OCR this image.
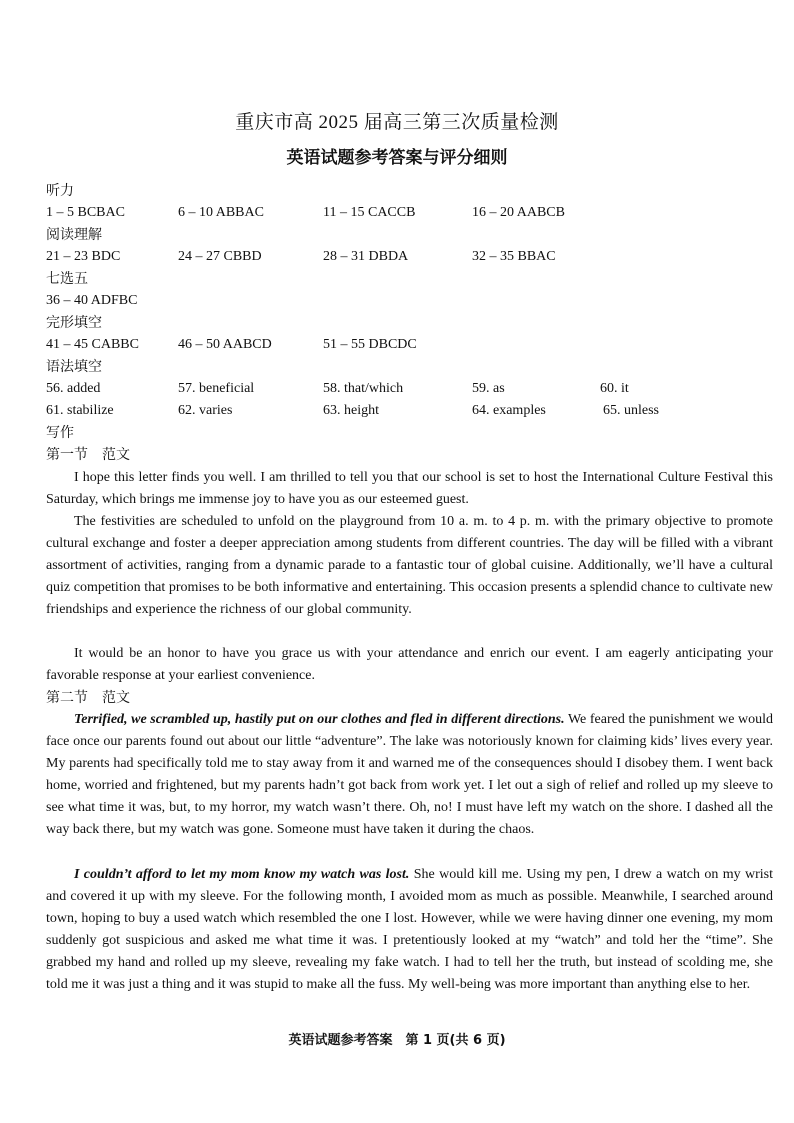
重庆市高 2025 届高三第三次质量检测
英语试题参考答案与评分细则
听力
1 – 5 BCBAC	6 – 10 ABBAC	11 – 15 CACCB	16 – 20 AABCB
阅读理解
21 – 23 BDC	24 – 27 CBBD	28 – 31 DBDA	32 – 35 BBAC
七选五
36 – 40 ADFBC
完形填空
41 – 45 CABBC	46 – 50 AABCD	51 – 55 DBCDC
语法填空
56. added	57. beneficial	58. that/which	59. as	60. it
61. stabilize	62. varies	63. height	64. examples	65. unless
写作
第一节　范文
I hope this letter finds you well. I am thrilled to tell you that our school is set to host the International Culture Festival this Saturday, which brings me immense joy to have you as our esteemed guest.
The festivities are scheduled to unfold on the playground from 10 a. m. to 4 p. m. with the primary objective to promote cultural exchange and foster a deeper appreciation among students from different countries. The day will be filled with a vibrant assortment of activities, ranging from a dynamic parade to a fantastic tour of global cuisine. Additionally, we’ll have a cultural quiz competition that promises to be both informative and entertaining. This occasion presents a splendid chance to cultivate new friendships and experience the richness of our global community.
It would be an honor to have you grace us with your attendance and enrich our event. I am eagerly anticipating your favorable response at your earliest convenience.
第二节　范文
Terrified, we scrambled up, hastily put on our clothes and fled in different directions. We feared the punishment we would face once our parents found out about our little “adventure”. The lake was notoriously known for claiming kids’ lives every year. My parents had specifically told me to stay away from it and warned me of the consequences should I disobey them. I went back home, worried and frightened, but my parents hadn’t got back from work yet. I let out a sigh of relief and rolled up my sleeve to see what time it was, but, to my horror, my watch wasn’t there. Oh, no! I must have left my watch on the shore. I dashed all the way back there, but my watch was gone. Someone must have taken it during the chaos.
I couldn’t afford to let my mom know my watch was lost. She would kill me. Using my pen, I drew a watch on my wrist and covered it up with my sleeve. For the following month, I avoided mom as much as possible. Meanwhile, I searched around town, hoping to buy a used watch which resembled the one I lost. However, while we were having dinner one evening, my mom suddenly got suspicious and asked me what time it was. I pretentiously looked at my “watch” and told her the “time”. She grabbed my hand and rolled up my sleeve, revealing my fake watch. I had to tell her the truth, but instead of scolding me, she told me it was just a thing and it was stupid to make all the fuss. My well-being was more important than anything else to her.
英语试题参考答案　第 1 页(共 6 页)
